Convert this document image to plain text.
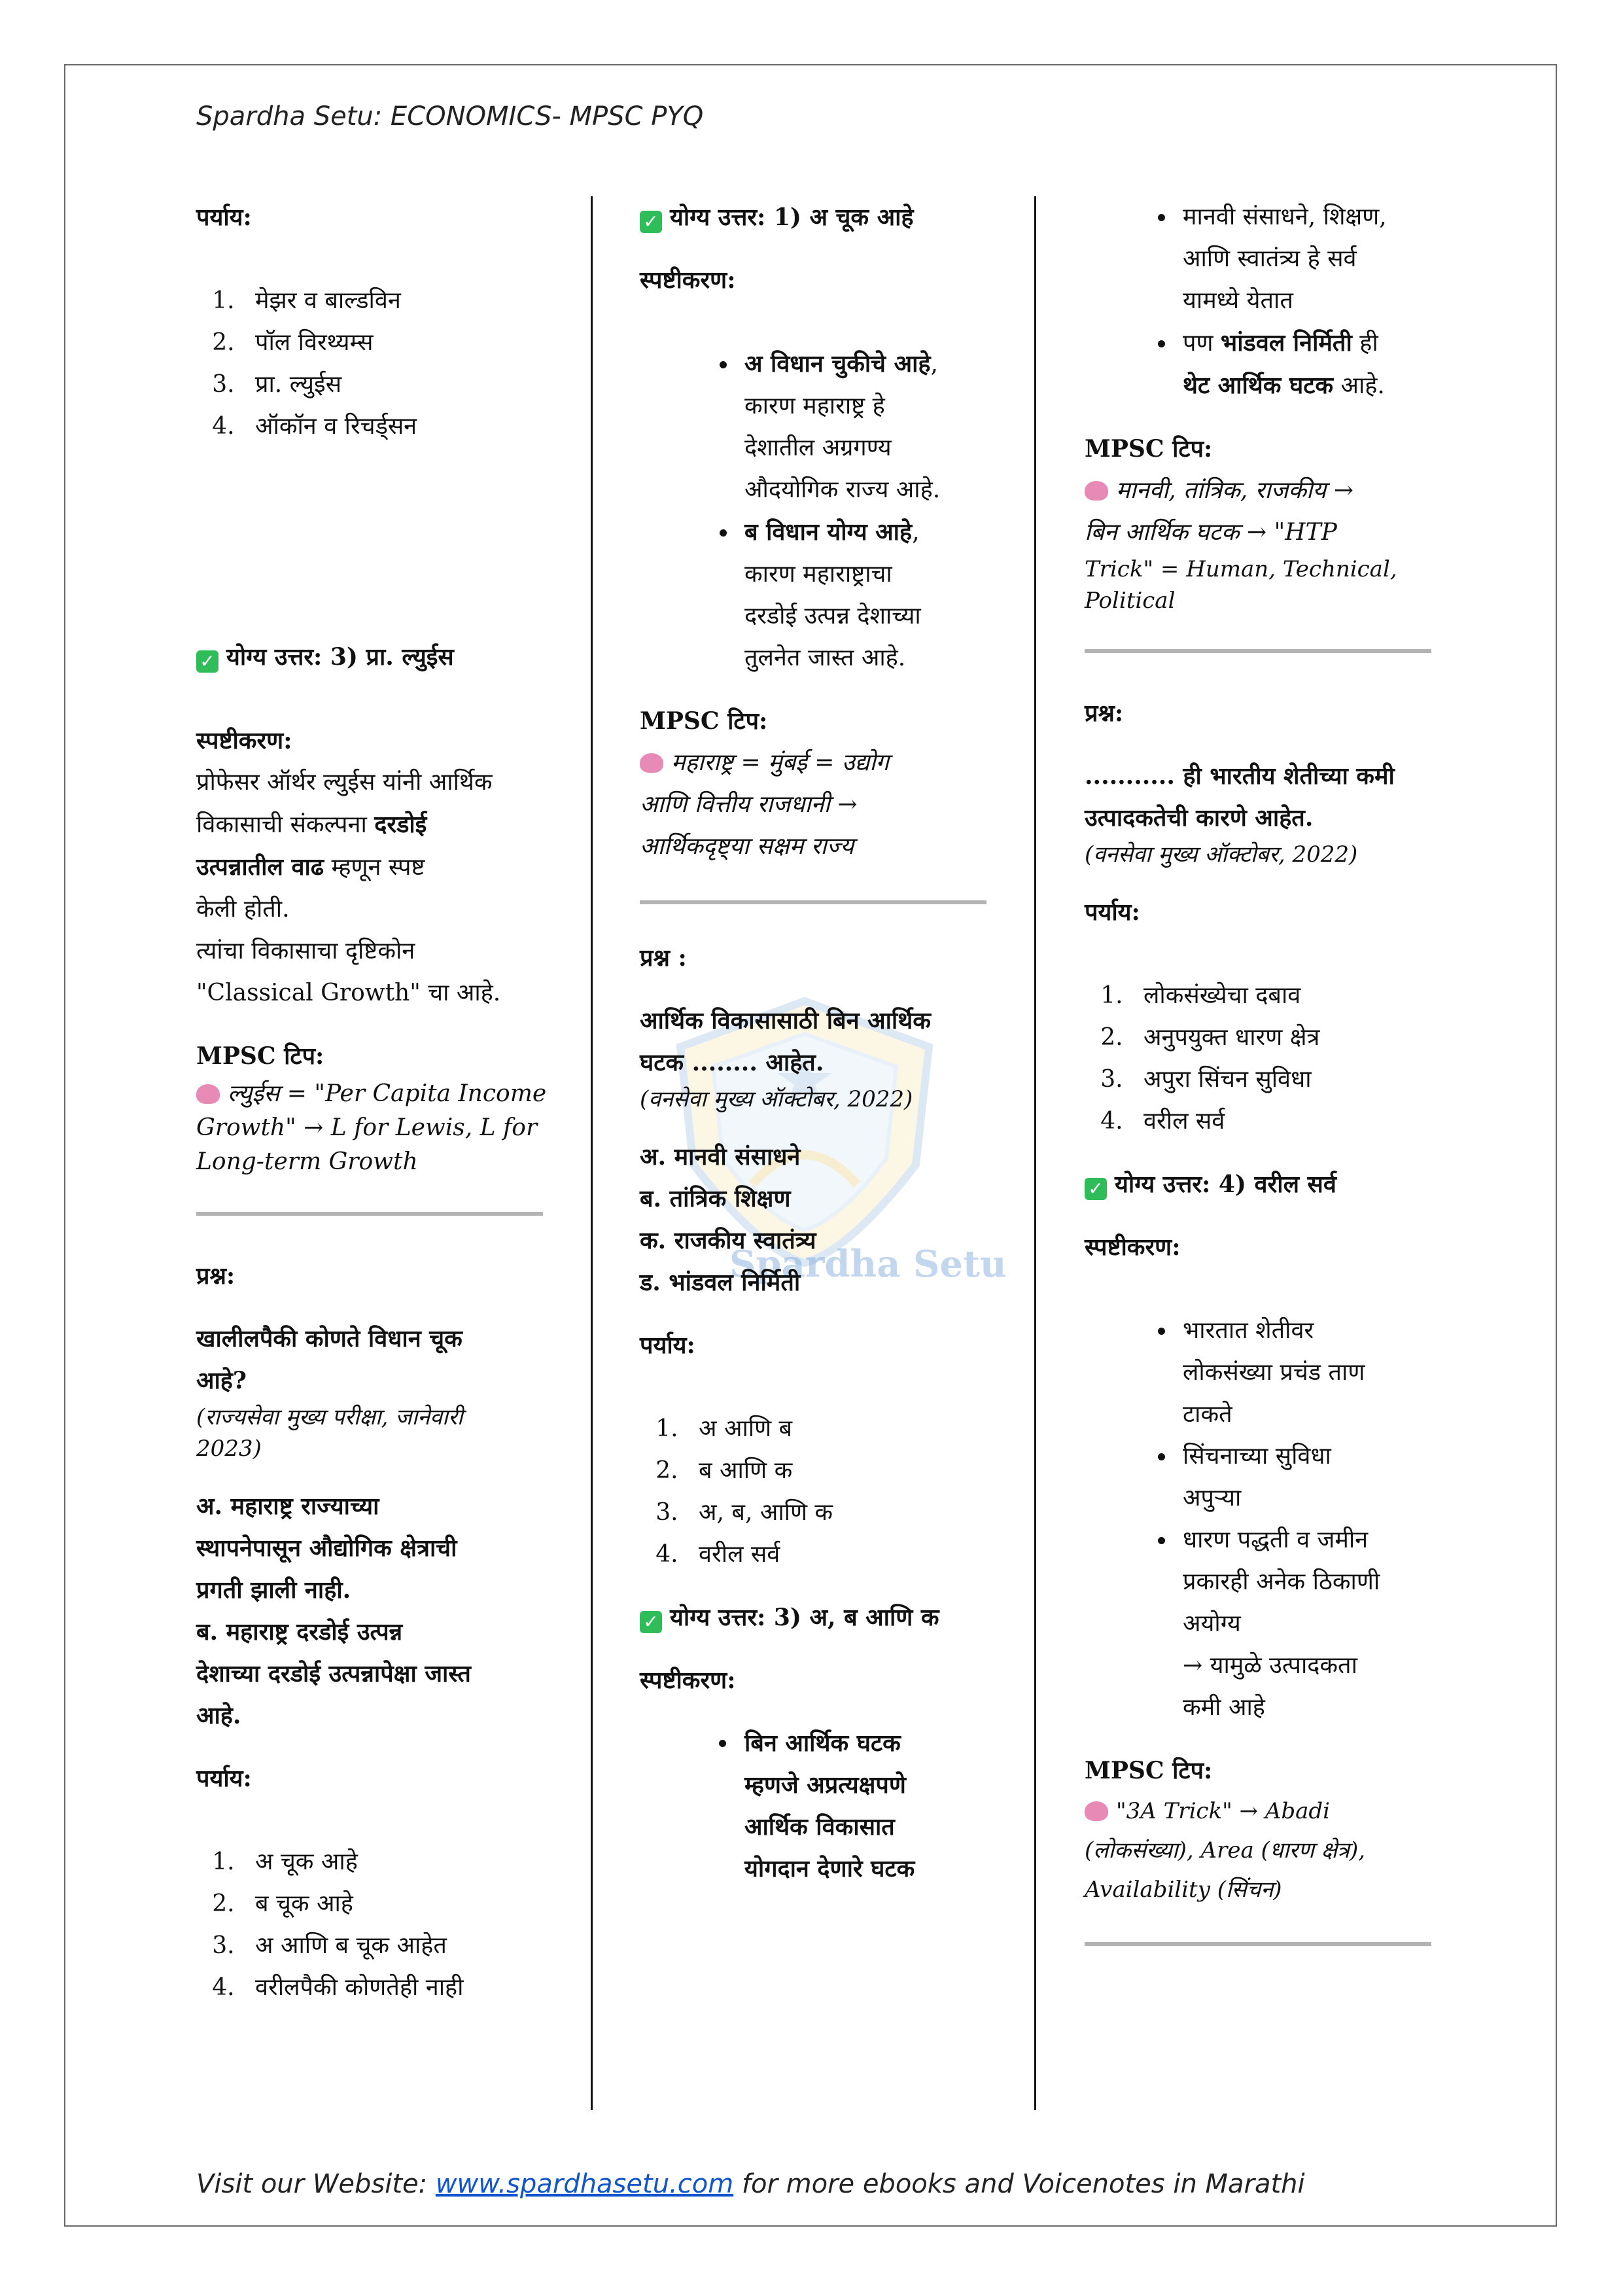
Spardha Setu: ECONOMICS- MPSC PYQ
Spardha Setu
पर्याय:
1. मेझर व बाल्डविन
2. पॉल विरथ्यम्स
3. प्रा. ल्युईस
4. ऑकॉन व रिचर्ड्सन
✓ योग्य उत्तर: 3) प्रा. ल्युईस
स्पष्टीकरण:
प्रोफेसर ऑर्थर ल्युईस यांनी आर्थिक
विकासाची संकल्पना दरडोई
उत्पन्नातील वाढ म्हणून स्पष्ट
केली होती.
त्यांचा विकासाचा दृष्टिकोन
"Classical Growth" चा आहे.
MPSC टिप:
ल्युईस = "Per Capita Income
Growth" → L for Lewis, L for
Long-term Growth
प्रश्न:
खालीलपैकी कोणते विधान चूक
आहे?
(राज्यसेवा मुख्य परीक्षा, जानेवारी
2023)
अ. महाराष्ट्र राज्याच्या
स्थापनेपासून औद्योगिक क्षेत्राची
प्रगती झाली नाही.
ब. महाराष्ट्र दरडोई उत्पन्न
देशाच्या दरडोई उत्पन्नापेक्षा जास्त
आहे.
पर्याय:
1. अ चूक आहे
2. ब चूक आहे
3. अ आणि ब चूक आहेत
4. वरीलपैकी कोणतेही नाही
✓ योग्य उत्तर: 1) अ चूक आहे
स्पष्टीकरण:
• अ विधान चुकीचे आहे,
कारण महाराष्ट्र हे
देशातील अग्रगण्य
औदयोगिक राज्य आहे.
• ब विधान योग्य आहे,
कारण महाराष्ट्राचा
दरडोई उत्पन्न देशाच्या
तुलनेत जास्त आहे.
MPSC टिप:
महाराष्ट्र = मुंबई = उद्योग
आणि वित्तीय राजधानी →
आर्थिकदृष्ट्या सक्षम राज्य
प्रश्न :
आर्थिक विकासासाठी बिन आर्थिक
घटक ........ आहेत.
(वनसेवा मुख्य ऑक्टोबर, 2022)
अ. मानवी संसाधने
ब. तांत्रिक शिक्षण
क. राजकीय स्वातंत्र्य
ड. भांडवल निर्मिती
पर्याय:
1. अ आणि ब
2. ब आणि क
3. अ, ब, आणि क
4. वरील सर्व
✓ योग्य उत्तर: 3) अ, ब आणि क
स्पष्टीकरण:
• बिन आर्थिक घटक
म्हणजे अप्रत्यक्षपणे
आर्थिक विकासात
योगदान देणारे घटक
• मानवी संसाधने, शिक्षण,
आणि स्वातंत्र्य हे सर्व
यामध्ये येतात
• पण भांडवल निर्मिती ही
थेट आर्थिक घटक आहे.
MPSC टिप:
मानवी, तांत्रिक, राजकीय →
बिन आर्थिक घटक → "HTP
Trick" = Human, Technical,
Political
प्रश्न:
........... ही भारतीय शेतीच्या कमी
उत्पादकतेची कारणे आहेत.
(वनसेवा मुख्य ऑक्टोबर, 2022)
पर्याय:
1. लोकसंख्येचा दबाव
2. अनुपयुक्त धारण क्षेत्र
3. अपुरा सिंचन सुविधा
4. वरील सर्व
✓ योग्य उत्तर: 4) वरील सर्व
स्पष्टीकरण:
• भारतात शेतीवर
लोकसंख्या प्रचंड ताण
टाकते
• सिंचनाच्या सुविधा
अपुऱ्या
• धारण पद्धती व जमीन
प्रकारही अनेक ठिकाणी
अयोग्य
→ यामुळे उत्पादकता
कमी आहे
MPSC टिप:
"3A Trick" → Abadi
(लोकसंख्या), Area (धारण क्षेत्र),
Availability (सिंचन)
Visit our Website: www.spardhasetu.com for more ebooks and Voicenotes in Marathi
